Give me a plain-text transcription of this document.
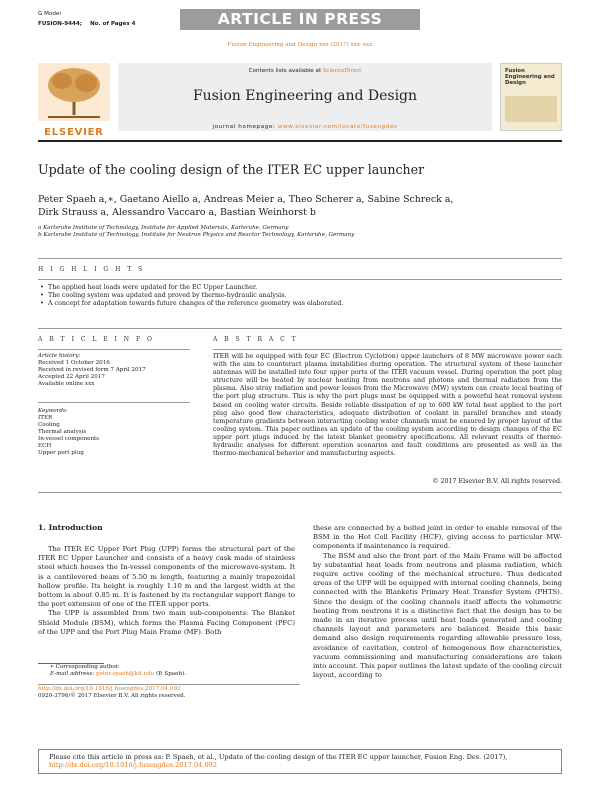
G Model
FUSION-9444; No. of Pages 4	ARTICLE IN PRESS
Fusion Engineering and Design xxx (2017) xxx–xxx
ELSEVIER
Contents lists available at ScienceDirect
Fusion Engineering and Design
journal homepage: www.elsevier.com/locate/fusengdes
Fusion Engineering and Design
Update of the cooling design of the ITER EC upper launcher
Peter Spaeh a,∗, Gaetano Aiello a, Andreas Meier a, Theo Scherer a, Sabine Schreck a,
Dirk Strauss a, Alessandro Vaccaro a, Bastian Weinhorst b
a Karlsruhe Institute of Technology, Institute for Applied Materials, Karlsruhe, Germany
b Karlsruhe Institute of Technology, Institute for Neutron Physics and Reactor Technology, Karlsruhe, Germany
H I G H L I G H T S
• The applied heat loads were updated for the EC Upper Launcher.
• The cooling system was updated and proved by thermo-hydraulic analysis.
• A concept for adaptation towards future changes of the reference geometry was elaborated.
A R T I C L E I N F O
Article history:
Received 1 October 2016
Received in revised form 7 April 2017
Accepted 22 April 2017
Available online xxx
Keywords:
ITER
Cooling
Thermal analysis
In-vessel components
ECH
Upper port plug
A B S T R A C T
ITER will be equipped with four EC (Electron Cyclotron) upper launchers of 8 MW microwave power each with the aim to counteract plasma instabilities during operation. The structural system of these launcher antennas will be installed into four upper ports of the ITER vacuum vessel. During operation the port plug structure will be heated by nuclear heating from neutrons and photons and thermal radiation from the plasma. Also stray radiation and power losses from the Microwave (MW) system can create local heating of the port plug structure. This is why the port plugs must be equipped with a powerful heat removal system based on cooling water circuits. Beside reliable dissipation of up to 600 kW total heat applied to the port plug also good flow characteristics, adequate distribution of coolant in parallel branches and steady temperature gradients between interacting cooling water channels must be ensured by proper layout of the cooling system. This paper outlines an update of the cooling system according to design changes of the EC upper port plugs induced by the latest blanket geometry specifications. All relevant results of thermo-hydraulic analyses for different operation scenarios and fault conditions are presented as well as the thermo-mechanical behavior and manufacturing aspects.
© 2017 Elsevier B.V. All rights reserved.
1. Introduction

The ITER EC Upper Port Plug (UPP) forms the structural part of the ITER EC Upper Launcher and consists of a heavy cask made of stainless steel which houses the In-vessel components of the microwave-system. It is a cantilevered beam of 5.50 m length, featuring a mainly trapezoidal hollow profile. Its height is roughly 1.10 m and the largest width at the bottom is about 0.85 m. It is fastened by its rectangular support flange to the port extension of one of the ITER upper ports.

The UPP is assembled from two main sub-components: The Blanket Shield Module (BSM), which forms the Plasma Facing Component (PFC) of the UPP and the Port Plug Main Frame (MF). Both

these are connected by a bolted joint in order to enable removal of the BSM in the Hot Cell Facility (HCF), giving access to particular MW-components if maintenance is required.

The BSM and also the front part of the Main Frame will be affected by substantial heat loads from neutrons and plasma radiation, which require active cooling of the mechanical structure. Thus dedicated areas of the UPP will be equipped with internal cooling channels, being connected with the Blanketis Primary Heat Transfer System (PHTS). Since the design of the cooling channels itself affects the volumetric heating from neutrons it is a distinctive fact that the design has to be made in an iterative process until heat loads generated and cooling channels layout and parameters are balanced. Beside this basic demand also design requirements regarding allowable pressure loss, avoidance of cavitation, control of homogenous flow characteristics, vacuum commissioning and manufacturing considerations are taken into account. This paper outlines the latest update of the cooling circuit layout, according to

∗ Corresponding author.
E-mail address: peter.spaeh@kit.edu (P. Spaeh).
http://dx.doi.org/10.1016/j.fusengdes.2017.04.092
0920-3796/© 2017 Elsevier B.V. All rights reserved.
Please cite this article in press as: P. Spaeh, et al., Update of the cooling design of the ITER EC upper launcher, Fusion Eng. Des. (2017),
http://dx.doi.org/10.1016/j.fusengdes.2017.04.092
